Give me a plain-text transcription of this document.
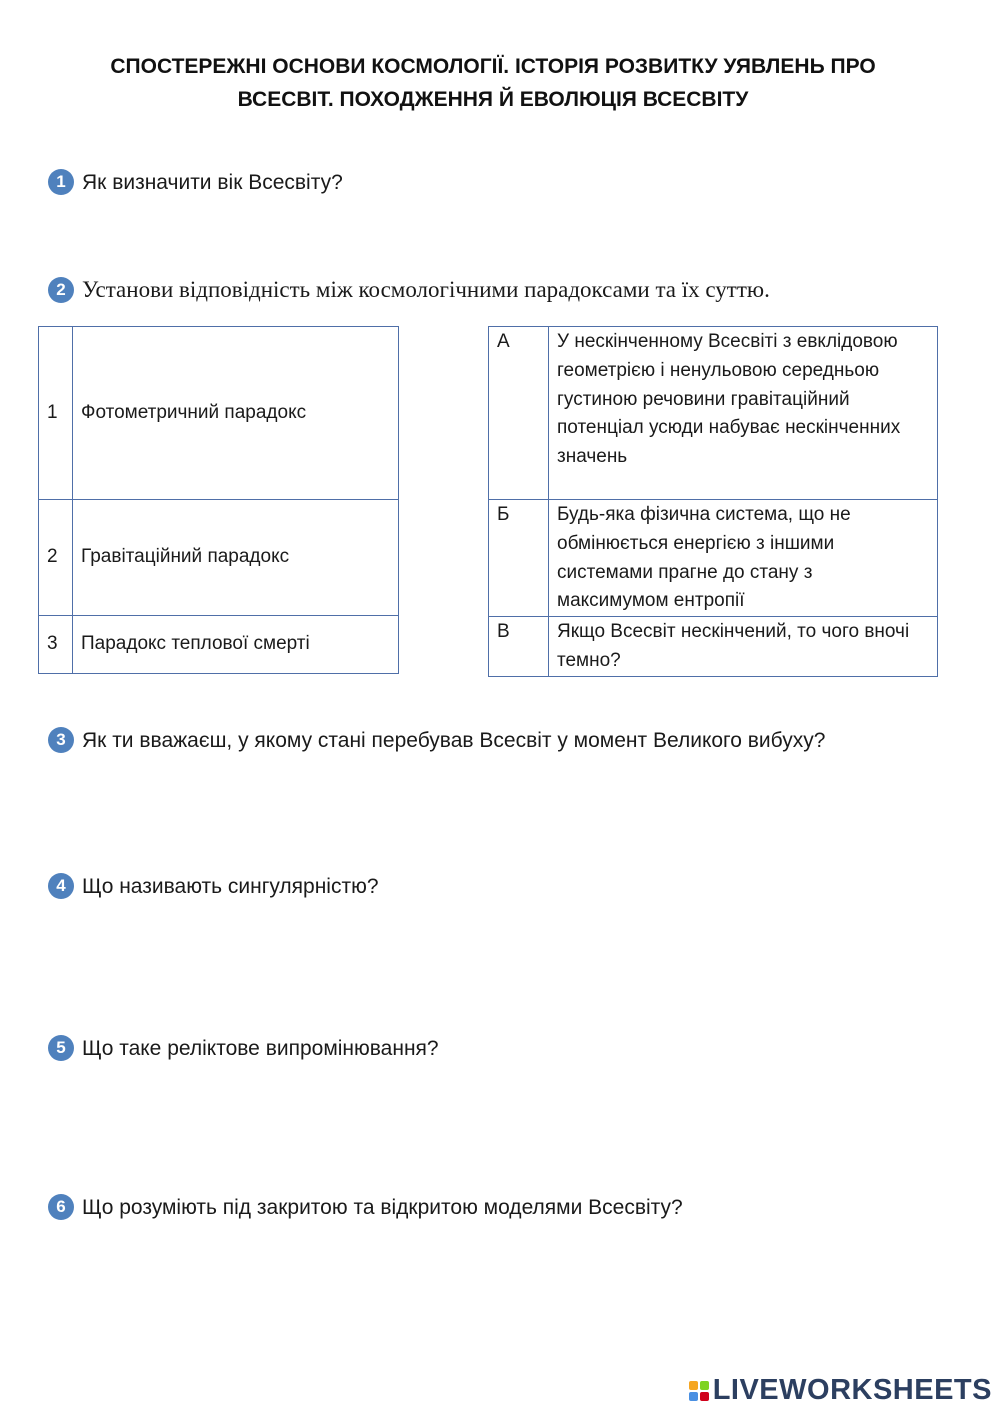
СПОСТЕРЕЖНІ ОСНОВИ КОСМОЛОГІЇ. ІСТОРІЯ РОЗВИТКУ УЯВЛЕНЬ ПРО
ВСЕСВІТ. ПОХОДЖЕННЯ Й ЕВОЛЮЦІЯ ВСЕСВІТУ
1 Як визначити вік Всесвіту?
2 Установи відповідність між космологічними парадоксами та їх суттю.
1	Фотометричний парадокс
2	Гравітаційний парадокс
3	Парадокс теплової смерті
А	У нескінченному Всесвіті з евклідовою геометрією і ненульовою середньою густиною речовини гравітаційний потенціал усюди набуває нескінченних значень
Б	Будь-яка фізична система, що не обмінюється енергією з іншими системами прагне до стану з максимумом ентропії
В	Якщо Всесвіт нескінчений, то чого вночі темно?
3 Як ти вважаєш, у якому стані перебував Всесвіт у момент Великого вибуху?
4 Що називають сингулярністю?
5 Що таке реліктове випромінювання?
6 Що розуміють під закритою та відкритою моделями Всесвіту?
LIVEWORKSHEETS
